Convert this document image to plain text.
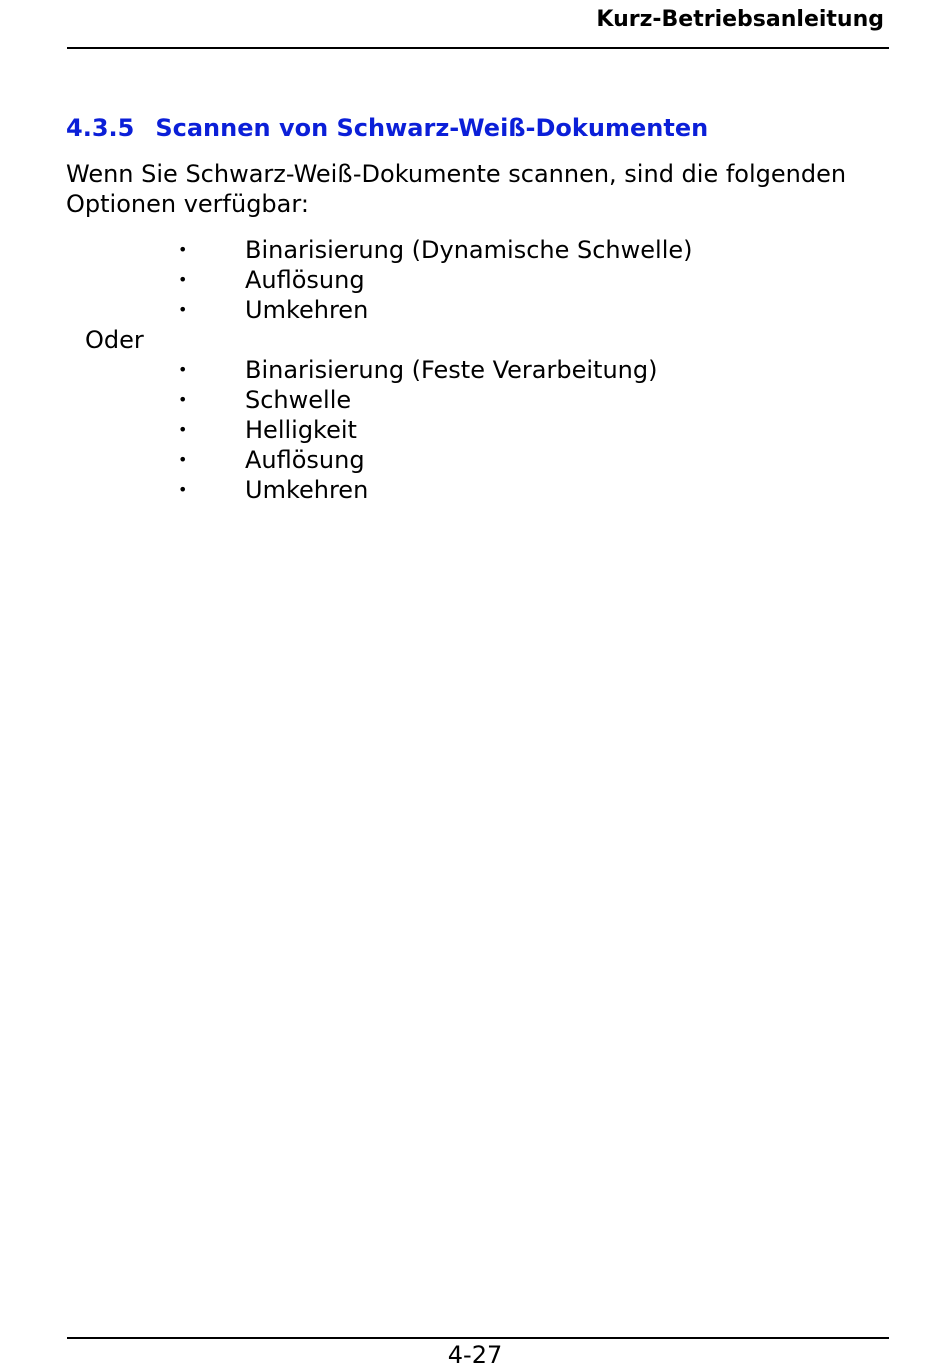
Kurz-Betriebsanleitung
4.3.5 Scannen von Schwarz-Weiß-Dokumenten
Wenn Sie Schwarz-Weiß-Dokumente scannen, sind die folgenden Optionen verfügbar:
• Binarisierung (Dynamische Schwelle)
• Auflösung
• Umkehren
Oder
• Binarisierung (Feste Verarbeitung)
• Schwelle
• Helligkeit
• Auflösung
• Umkehren
4-27
